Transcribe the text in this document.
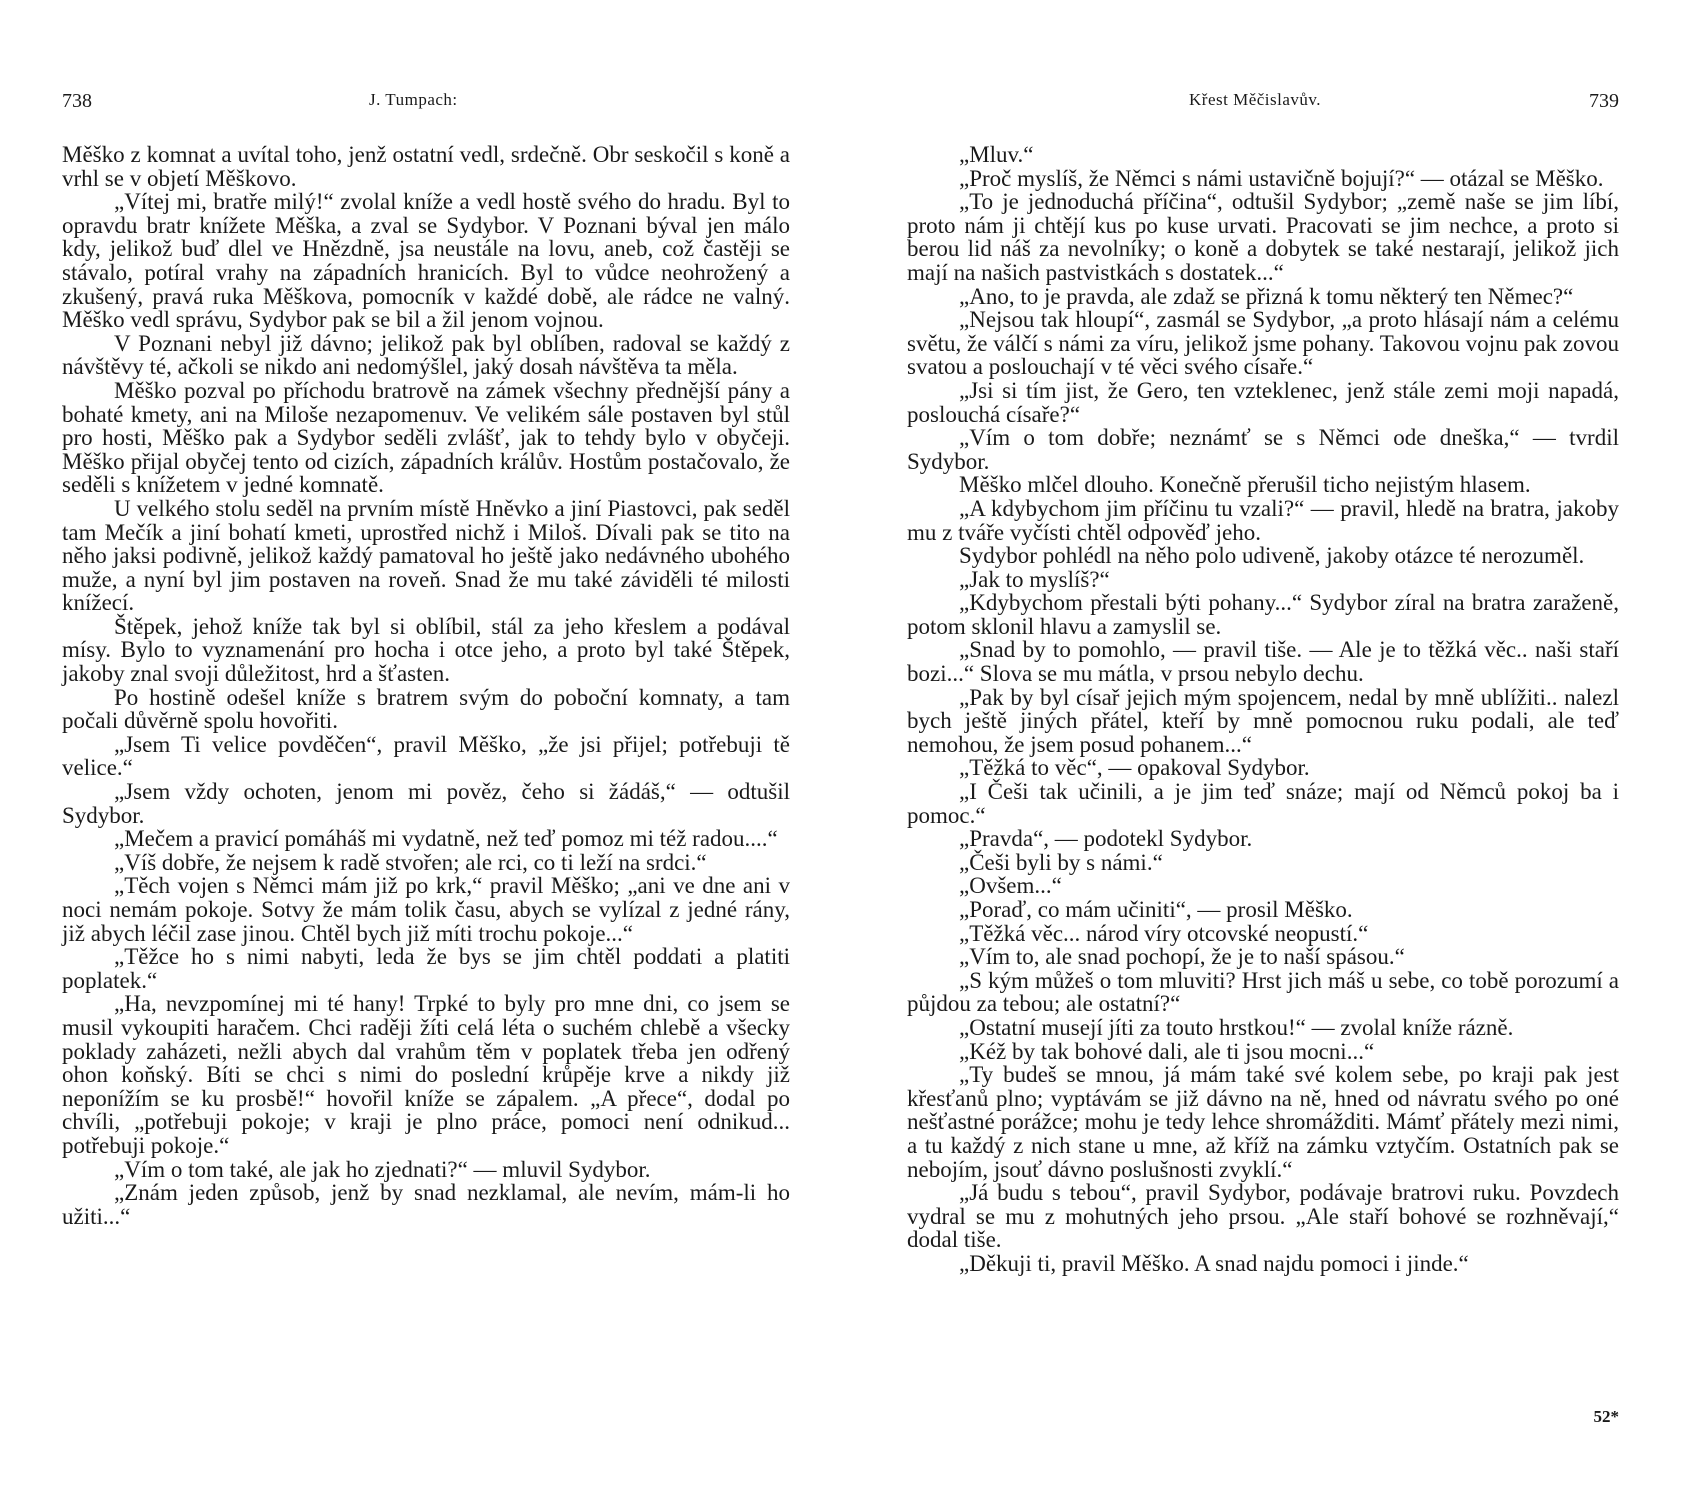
738	J. Tumpach:

Měško z komnat a uvítal toho, jenž ostatní vedl, srdečně. Obr seskočil s koně a vrhl se v objetí Měškovo.

„Vítej mi, bratře milý!“ zvolal kníže a vedl hostě svého do hradu. Byl to opravdu bratr knížete Měška, a zval se Sydybor. V Poznani býval jen málo kdy, jelikož buď dlel ve Hnězdně, jsa neustále na lovu, aneb, což častěji se stávalo, potíral vrahy na západních hranicích. Byl to vůdce neohrožený a zkušený, pravá ruka Měškova, pomocník v každé době, ale rádce ne valný. Měško vedl správu, Sydybor pak se bil a žil jenom vojnou.

V Poznani nebyl již dávno; jelikož pak byl oblíben, radoval se každý z návštěvy té, ačkoli se nikdo ani nedomýšlel, jaký dosah návštěva ta měla.

Měško pozval po příchodu bratrově na zámek všechny přednější pány a bohaté kmety, ani na Miloše nezapomenuv. Ve velikém sále postaven byl stůl pro hosti, Měško pak a Sydybor seděli zvlášť, jak to tehdy bylo v obyčeji. Měško přijal obyčej tento od cizích, západních králův. Hostům postačovalo, že seděli s knížetem v jedné komnatě.

U velkého stolu seděl na prvním místě Hněvko a jiní Piastovci, pak seděl tam Mečík a jiní bohatí kmeti, uprostřed nichž i Miloš. Dívali pak se tito na něho jaksi podivně, jelikož každý pamatoval ho ještě jako nedávného ubohého muže, a nyní byl jim postaven na roveň. Snad že mu také záviděli té milosti knížecí.

Štěpek, jehož kníže tak byl si oblíbil, stál za jeho křeslem a podával mísy. Bylo to vyznamenání pro hocha i otce jeho, a proto byl také Štěpek, jakoby znal svoji důležitost, hrd a šťasten.

Po hostině odešel kníže s bratrem svým do poboční komnaty, a tam počali důvěrně spolu hovořiti.

„Jsem Ti velice povděčen“, pravil Měško, „že jsi přijel; potřebuji tě velice.“

„Jsem vždy ochoten, jenom mi pověz, čeho si žádáš,“ — odtušil Sydybor.

„Mečem a pravicí pomáháš mi vydatně, než teď pomoz mi též radou....“

„Víš dobře, že nejsem k radě stvořen; ale rci, co ti leží na srdci.“

„Těch vojen s Němci mám již po krk,“ pravil Měško; „ani ve dne ani v noci nemám pokoje. Sotvy že mám tolik času, abych se vylízal z jedné rány, již abych léčil zase jinou. Chtěl bych již míti trochu pokoje...“

„Těžce ho s nimi nabyti, leda že bys se jim chtěl poddati a platiti poplatek.“

„Ha, nevzpomínej mi té hany! Trpké to byly pro mne dni, co jsem se musil vykoupiti haračem. Chci raději žíti celá léta o suchém chlebě a všecky poklady zaházeti, nežli abych dal vrahům těm v poplatek třeba jen odřený ohon koňský. Bíti se chci s nimi do poslední krůpěje krve a nikdy již neponížím se ku prosbě!“ hovořil kníže se zápalem. „A přece“, dodal po chvíli, „potřebuji pokoje; v kraji je plno práce, pomoci není odnikud... potřebuji pokoje.“

„Vím o tom také, ale jak ho zjednati?“ — mluvil Sydybor.

„Znám jeden způsob, jenž by snad nezklamal, ale nevím, mám-li ho užiti...“

Křest Měčislavův.	739

„Mluv.“

„Proč myslíš, že Němci s námi ustavičně bojují?“ — otázal se Měško.

„To je jednoduchá příčina“, odtušil Sydybor; „země naše se jim líbí, proto nám ji chtějí kus po kuse urvati. Pracovati se jim nechce, a proto si berou lid náš za nevolníky; o koně a dobytek se také nestarají, jelikož jich mají na našich pastvistkách s dostatek...“

„Ano, to je pravda, ale zdaž se přizná k tomu některý ten Němec?“

„Nejsou tak hloupí“, zasmál se Sydybor, „a proto hlásají nám a celému světu, že válčí s námi za víru, jelikož jsme pohany. Takovou vojnu pak zovou svatou a poslouchají v té věci svého císaře.“

„Jsi si tím jist, že Gero, ten vzteklenec, jenž stále zemi moji napadá, poslouchá císaře?“

„Vím o tom dobře; neznámť se s Němci ode dneška,“ — tvrdil Sydybor.

Měško mlčel dlouho. Konečně přerušil ticho nejistým hlasem.

„A kdybychom jim příčinu tu vzali?“ — pravil, hledě na bratra, jakoby mu z tváře vyčísti chtěl odpověď jeho.

Sydybor pohlédl na něho polo udiveně, jakoby otázce té nerozuměl.

„Jak to myslíš?“

„Kdybychom přestali býti pohany...“ Sydybor zíral na bratra zaraženě, potom sklonil hlavu a zamyslil se.

„Snad by to pomohlo, — pravil tiše. — Ale je to těžká věc.. naši staří bozi...“ Slova se mu mátla, v prsou nebylo dechu.

„Pak by byl císař jejich mým spojencem, nedal by mně ublížiti.. nalezl bych ještě jiných přátel, kteří by mně pomocnou ruku podali, ale teď nemohou, že jsem posud pohanem...“

„Těžká to věc“, — opakoval Sydybor.

„I Češi tak učinili, a je jim teď snáze; mají od Němců pokoj ba i pomoc.“

„Pravda“, — podotekl Sydybor.

„Češi byli by s námi.“

„Ovšem...“

„Poraď, co mám učiniti“, — prosil Měško.

„Těžká věc... národ víry otcovské neopustí.“

„Vím to, ale snad pochopí, že je to naší spásou.“

„S kým můžeš o tom mluviti? Hrst jich máš u sebe, co tobě porozumí a půjdou za tebou; ale ostatní?“

„Ostatní musejí jíti za touto hrstkou!“ — zvolal kníže rázně.

„Kéž by tak bohové dali, ale ti jsou mocni...“

„Ty budeš se mnou, já mám také své kolem sebe, po kraji pak jest křesťanů plno; vyptávám se již dávno na ně, hned od návratu svého po oné nešťastné porážce; mohu je tedy lehce shromážditi. Mámť přátely mezi nimi, a tu každý z nich stane u mne, až kříž na zámku vztyčím. Ostatních pak se nebojím, jsouť dávno poslušnosti zvyklí.“

„Já budu s tebou“, pravil Sydybor, podávaje bratrovi ruku. Povzdech vydral se mu z mohutných jeho prsou. „Ale staří bohové se rozhněvají,“ dodal tiše.

„Děkuji ti, pravil Měško. A snad najdu pomoci i jinde.“

52*
